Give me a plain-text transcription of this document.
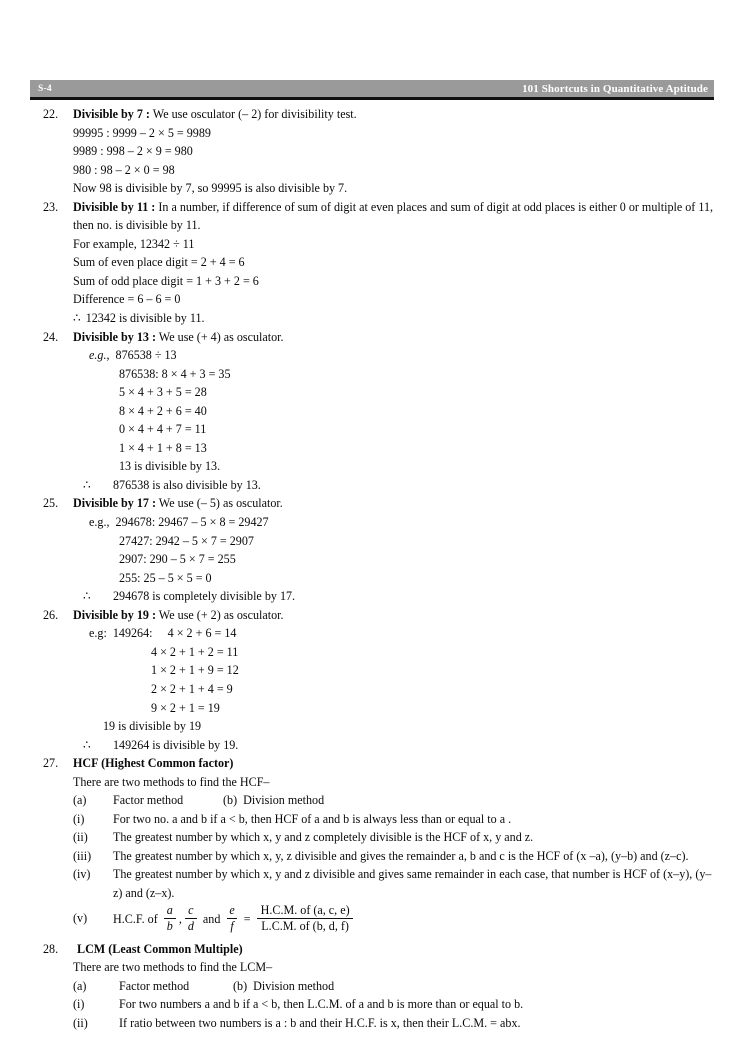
S-4	101 Shortcuts in Quantitative Aptitude
22.	Divisible by 7 : We use osculator (– 2) for divisibility test.
99995 : 9999 – 2 × 5 = 9989
9989 : 998 – 2 × 9 = 980
980 : 98 – 2 × 0 = 98
Now 98 is divisible by 7, so 99995 is also divisible by 7.
23.	Divisible by 11 : In a number, if difference of sum of digit at even places and sum of digit at odd places is either 0 or multiple of 11, then no. is divisible by 11.
For example, 12342 ÷ 11
Sum of even place digit = 2 + 4 = 6
Sum of odd place digit = 1 + 3 + 2 = 6
Difference = 6 – 6 = 0
∴ 12342 is divisible by 11.
24.	Divisible by 13 : We use (+ 4) as osculator.
e.g., 876538 ÷ 13
876538: 8 × 4 + 3 = 35
5 × 4 + 3 + 5 = 28
8 × 4 + 2 + 6 = 40
0 × 4 + 4 + 7 = 11
1 × 4 + 1 + 8 = 13
13 is divisible by 13.
∴ 876538 is also divisible by 13.
25.	Divisible by 17 : We use (– 5) as osculator.
e.g., 294678: 29467 – 5 × 8 = 29427
27427: 2942 – 5 × 7 = 2907
2907: 290 – 5 × 7 = 255
255: 25 – 5 × 5 = 0
∴ 294678 is completely divisible by 17.
26.	Divisible by 19 : We use (+ 2) as osculator.
e.g: 149264: 4 × 2 + 6 = 14
4 × 2 + 1 + 2 = 11
1 × 2 + 1 + 9 = 12
2 × 2 + 1 + 4 = 9
9 × 2 + 1 = 19
19 is divisible by 19
∴ 149264 is divisible by 19.
27.	HCF (Highest Common factor)
There are two methods to find the HCF–
(a)	Factor method	(b) Division method
(i)	For two no. a and b if a < b, then HCF of a and b is always less than or equal to a .
(ii)	The greatest number by which x, y and z completely divisible is the HCF of x, y and z.
(iii)	The greatest number by which x, y, z divisible and gives the remainder a, b and c is the HCF of (x –a), (y–b) and (z–c).
(iv)	The greatest number by which x, y and z divisible and gives same remainder in each case, that number is HCF of (x–y), (y–z) and (z–x).
(v)	H.C.F. of
$\frac{a}{b}$ , $\frac{c}{d}$
and
$\frac{e}{f} = \frac{H.C.M. of (a, c, e)}{L.C.M. of (b, d, f)}$
28.	LCM (Least Common Multiple)
There are two methods to find the LCM–
(a)	Factor method	(b) Division method
(i)	For two numbers a and b if a < b, then L.C.M. of a and b is more than or equal to b.
(ii)	If ratio between two numbers is a : b and their H.C.F. is x, then their L.C.M. = abx.
